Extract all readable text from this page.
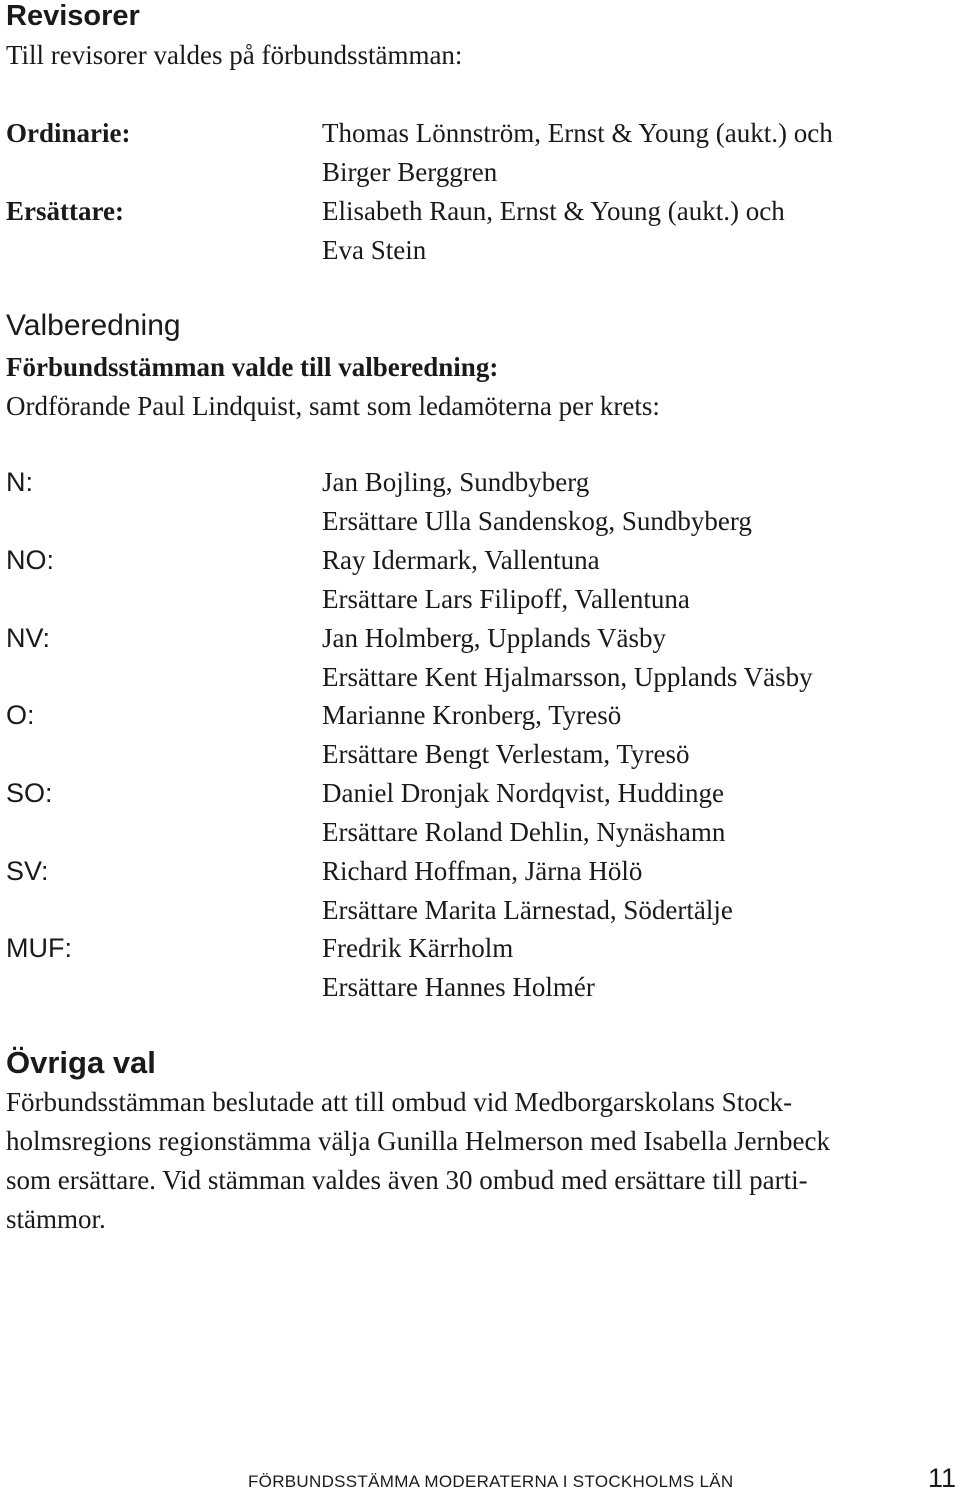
Revisorer

Till revisorer valdes på förbundsstämman:

Ordinarie:	Thomas Lönnström, Ernst & Young (aukt.) och
Birger Berggren
Ersättare:	Elisabeth Raun, Ernst & Young (aukt.) och
Eva Stein
Valberedning

Förbundsstämman valde till valberedning:

Ordförande Paul Lindquist, samt som ledamöterna per krets:

N:	Jan Bojling, Sundbyberg
Ersättare Ulla Sandenskog, Sundbyberg
NO:	Ray Idermark, Vallentuna
Ersättare Lars Filipoff, Vallentuna
NV:	Jan Holmberg, Upplands Väsby
Ersättare Kent Hjalmarsson, Upplands Väsby
O:	Marianne Kronberg, Tyresö
Ersättare Bengt Verlestam, Tyresö
SO:	Daniel Dronjak Nordqvist, Huddinge
Ersättare Roland Dehlin, Nynäshamn
SV:	Richard Hoffman, Järna Hölö
Ersättare Marita Lärnestad, Södertälje
MUF:	Fredrik Kärrholm
Ersättare Hannes Holmér
Övriga val
Förbundsstämman beslutade att till ombud vid Medborgarskolans Stock-
holmsregions regionstämma välja Gunilla Helmerson med Isabella Jernbeck
som ersättare. Vid stämman valdes även 30 ombud med ersättare till parti-
stämmor.
FÖRBUNDSSTÄMMA MODERATERNA I STOCKHOLMS LÄN	11
